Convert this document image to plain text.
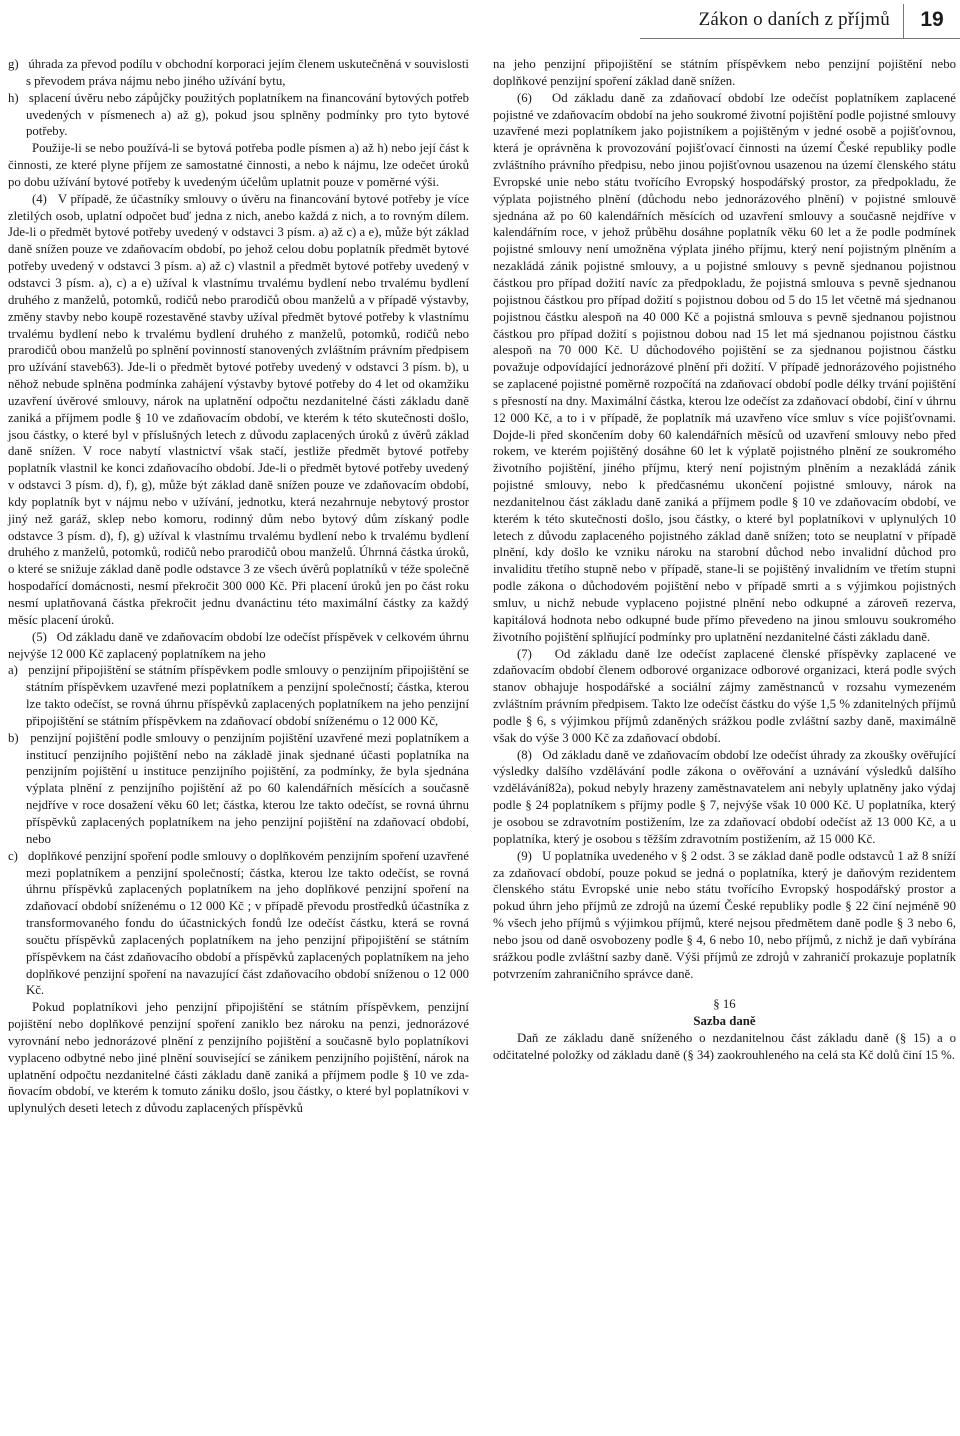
Zákon o daních z příjmů	19

g)   úhrada za převod podílu v obchodní korporaci jejím členem uskutečněná v souvislosti s převodem práva nájmu nebo jiného užívání bytu,

h)   splacení úvěru nebo zápůjčky použitých poplatníkem na financování bytových potřeb uvedených v písmenech a) až g), pokud jsou splněny podmínky pro tyto bytové potřeby.

Použije-li se nebo používá-li se bytová potřeba podle písmen a) až h) nebo její část k činnosti, ze které plyne příjem ze samostatné činnosti, a nebo k nájmu, lze odečet úroků po dobu užívání bytové potřeby k uvedeným účelům uplatnit pouze v poměrné výši.

(4)   V případě, že účastníky smlouvy o úvěru na financování bytové potřeby je více zletilých osob, uplatní odpočet buď jedna z nich, anebo každá z nich, a to rovným dílem. Jde-li o předmět bytové potřeby uvedený v odstavci 3 písm. a) až c) a e), může být základ daně snížen pouze ve zdaňovacím období, po jehož celou dobu poplatník předmět bytové potřeby uvedený v odstavci 3 písm. a) až c) vlastnil a předmět bytové potřeby uvedený v odstavci 3 písm. a), c) a e) užíval k vlastnímu trvalému bydlení nebo trvalému bydlení druhého z manželů, potomků, rodičů nebo prarodičů obou manželů a v případě výstavby, změny stavby nebo koupě rozestavěné stavby užíval předmět bytové potřeby k vlastnímu trvalému bydlení nebo k trvalému bydlení druhého z manželů, potomků, rodičů nebo prarodičů obou manželů po splnění povinností stanovených zvláštním právním předpisem pro užívání staveb63). Jde-li o předmět bytové potřeby uvedený v odstavci 3 písm. b), u něhož nebude splněna podmínka zahájení výstavby bytové potřeby do 4 let od okamžiku uzavření úvěrové smlouvy, nárok na uplatnění odpočtu nezdanitelné části základu daně zaniká a příjmem podle § 10 ve zdaňovacím období, ve kterém k této skutečnosti došlo, jsou částky, o které byl v příslušných letech z důvodu zaplacených úroků z úvěrů základ daně snížen. V roce nabytí vlastnictví však stačí, jestliže předmět bytové potřeby poplatník vlastnil ke konci zdaňovacího období. Jde-li o předmět bytové potřeby uvedený v odstavci 3 písm. d), f), g), může být základ daně snížen pouze ve zdaňovacím období, kdy poplatník byt v nájmu nebo v užívání, jednotku, která nezahrnuje nebytový prostor jiný než garáž, sklep nebo komoru, rodinný dům nebo bytový dům získaný podle odstavce 3 písm. d), f), g) užíval k vlastnímu trvalému bydlení nebo k trvalému bydlení druhého z manželů, potomků, rodičů nebo prarodičů obou manželů. Úhrnná částka úroků, o které se snižuje základ daně podle odstavce 3 ze všech úvěrů poplatníků v téže společně hospodařící domácnosti, nesmí překročit 300 000 Kč. Při placení úroků jen po část roku nesmí uplatňovaná částka překročit jednu dvanáctinu této maximální částky za každý měsíc placení úroků.

(5)   Od základu daně ve zdaňovacím období lze odečíst příspěvek v celkovém úhrnu nejvýše 12 000 Kč zaplacený poplatníkem na jeho

a)   penzijní připojištění se státním příspěvkem podle smlouvy o penzijním připojištění se státním příspěvkem uzavřené mezi poplatníkem a penzijní společností; částka, kterou lze takto odečíst, se rovná úhrnu příspěvků zaplacených poplatníkem na jeho penzijní připojištění se státním příspěvkem na zdaňovací období sníženému o 12 000 Kč,

b)   penzijní pojištění podle smlouvy o penzijním pojištění uzavřené mezi poplatníkem a institucí penzijního pojištění nebo na základě jinak sjednané účasti poplatníka na penzijním pojištění u instituce penzijního pojištění, za podmínky, že byla sjednána výplata plnění z penzijního pojištění až po 60 kalendářních měsících a současně nejdříve v roce dosažení věku 60 let; částka, kterou lze takto odečíst, se rovná úhrnu příspěvků zaplacených poplatníkem na jeho penzijní pojištění na zdaňovací období, nebo

c)   doplňkové penzijní spoření podle smlouvy o doplňkovém penzijním spoření uzavřené mezi poplatníkem a penzijní společností; částka, kterou lze takto odečíst, se rovná úhrnu příspěvků zaplacených poplatníkem na jeho doplňkové penzijní spoření na zdaňovací období sníženému o 12 000 Kč ; v případě převodu prostředků účastníka z transformovaného fondu do účastnických fondů lze odečíst částku, která se rovná součtu příspěvků zaplacených poplatníkem na jeho penzijní připojištění se státním příspěvkem na část zdaňovacího období a příspěvků zaplacených poplatníkem na jeho doplňkové penzijní spoření na navazující část zdaňovacího období sníženou o 12 000 Kč.

Pokud poplatníkovi jeho penzijní připojištění se státním příspěvkem, penzijní pojištění nebo doplňkové penzijní spoření zaniklo bez nároku na penzi, jednorázové vyrovnání nebo jednorázové plnění z penzijního pojištění a současně bylo poplatníkovi vyplaceno odbytné nebo jiné plnění související se zánikem penzijního pojištění, nárok na uplatnění odpočtu nezdanitelné části základu daně zaniká a příjmem podle § 10 ve zdaňovacím období, ve kterém k tomuto zániku došlo, jsou částky, o které byl poplatníkovi v uplynulých deseti letech z důvodu zaplacených příspěvků

na jeho penzijní připojištění se státním příspěvkem nebo penzijní pojištění nebo doplňkové penzijní spoření základ daně snížen.

(6)   Od základu daně za zdaňovací období lze odečíst poplatníkem zaplacené pojistné ve zdaňovacím období na jeho soukromé životní pojištění podle pojistné smlouvy uzavřené mezi poplatníkem jako pojistníkem a pojištěným v jedné osobě a pojišťovnou, která je oprávněna k provozování pojišťovací činnosti na území České republiky podle zvláštního právního předpisu, nebo jinou pojišťovnou usazenou na území členského státu Evropské unie nebo státu tvořícího Evropský hospodářský prostor, za předpokladu, že výplata pojistného plnění (důchodu nebo jednorázového plnění) v pojistné smlouvě sjednána až po 60 kalendářních měsících od uzavření smlouvy a současně nejdříve v kalendářním roce, v jehož průběhu dosáhne poplatník věku 60 let a že podle podmínek pojistné smlouvy není umožněna výplata jiného příjmu, který není pojistným plněním a nezakládá zánik pojistné smlouvy, a u pojistné smlouvy s pevně sjednanou pojistnou částkou pro případ dožití navíc za předpokladu, že pojistná smlouva s pevně sjednanou pojistnou částkou pro případ dožití s pojistnou dobou od 5 do 15 let včetně má sjednanou pojistnou částku alespoň na 40 000 Kč a pojistná smlouva s pevně sjednanou pojistnou částkou pro případ dožití s pojistnou dobou nad 15 let má sjednanou pojistnou částku alespoň na 70 000 Kč. U důchodového pojištění se za sjednanou pojistnou částku považuje odpovídající jednorázové plnění při dožití. V případě jednorázového pojistného se zaplacené pojistné poměrně rozpočítá na zdaňovací období podle délky trvání pojištění s přesností na dny. Maximální částka, kterou lze odečíst za zdaňovací období, činí v úhrnu 12 000 Kč, a to i v případě, že poplatník má uzavřeno více smluv s více pojišťovnami. Dojde-li před skončením doby 60 kalendářních měsíců od uzavření smlouvy nebo před rokem, ve kterém pojištěný dosáhne 60 let k výplatě pojistného plnění ze soukromého životního pojištění, jiného příjmu, který není pojistným plněním a nezakládá zánik pojistné smlouvy, nebo k předčasnému ukončení pojistné smlouvy, nárok na nezdanitelnou část základu daně zaniká a příjmem podle § 10 ve zdaňovacím období, ve kterém k této skutečnosti došlo, jsou částky, o které byl poplatníkovi v uplynulých 10 letech z důvodu zaplaceného pojistného základ daně snížen; toto se neuplatní v případě plnění, kdy došlo ke vzniku nároku na starobní důchod nebo invalidní důchod pro invaliditu třetího stupně nebo v případě, stane-li se pojištěný invalidním ve třetím stupni podle zákona o důchodovém pojištění nebo v případě smrti a s výjimkou pojistných smluv, u nichž nebude vyplaceno pojistné plnění nebo odkupné a zároveň rezerva, kapitálová hodnota nebo odkupné bude přímo převedeno na jinou smlouvu soukromého životního pojištění splňující podmínky pro uplatnění nezdanitelné části základu daně.

(7)   Od základu daně lze odečíst zaplacené členské příspěvky zaplacené ve zdaňovacím období členem odborové organizace odborové organizaci, která podle svých stanov obhajuje hospodářské a sociální zájmy zaměstnanců v rozsahu vymezeném zvláštním právním předpisem. Takto lze odečíst částku do výše 1,5 % zdanitelných příjmů podle § 6, s výjimkou příjmů zdaněných srážkou podle zvláštní sazby daně, maximálně však do výše 3 000 Kč za zdaňovací období.

(8)   Od základu daně ve zdaňovacím období lze odečíst úhrady za zkoušky ověřující výsledky dalšího vzdělávání podle zákona o ověřování a uznávání výsledků dalšího vzdělávání82a), pokud nebyly hrazeny zaměstnavatelem ani nebyly uplatněny jako výdaj podle § 24 poplatníkem s příjmy podle § 7, nejvýše však 10 000 Kč. U poplatníka, který je osobou se zdravotním postižením, lze za zdaňovací období odečíst až 13 000 Kč, a u poplatníka, který je osobou s těžším zdravotním postižením, až 15 000 Kč.

(9)   U poplatníka uvedeného v § 2 odst. 3 se základ daně podle odstavců 1 až 8 sníží za zdaňovací období, pouze pokud se jedná o poplatníka, který je daňovým rezidentem členského státu Evropské unie nebo státu tvořícího Evropský hospodářský prostor a pokud úhrn jeho příjmů ze zdrojů na území České republiky podle § 22 činí nejméně 90 % všech jeho příjmů s výjimkou příjmů, které nejsou předmětem daně podle § 3 nebo 6, nebo jsou od daně osvobozeny podle § 4, 6 nebo 10, nebo příjmů, z nichž je daň vybírána srážkou podle zvláštní sazby daně. Výši příjmů ze zdrojů v zahraničí prokazuje poplatník potvrzením zahraničního správce daně.

§ 16

Sazba daně

Daň ze základu daně sníženého o nezdanitelnou část základu daně (§ 15) a o odčitatelné položky od základu daně (§ 34) zaokrouhleného na celá sta Kč dolů činí 15 %.
